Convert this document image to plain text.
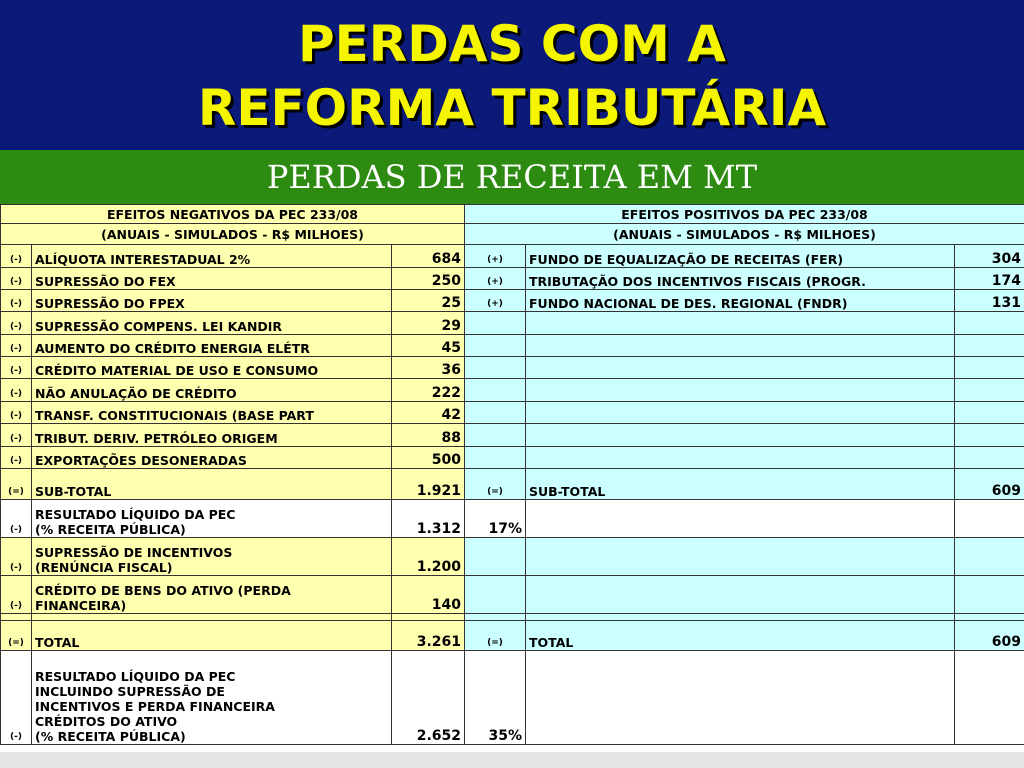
PERDAS COM A
REFORMA TRIBUTÁRIA
PERDAS DE RECEITA EM MT
EFEITOS NEGATIVOS DA PEC 233/08			EFEITOS POSITIVOS DA PEC 233/08		
(ANUAIS - SIMULADOS - R$ MILHOES)			(ANUAIS - SIMULADOS - R$ MILHOES)		
(-)	ALÍQUOTA INTERESTADUAL 2%	684	(+)	FUNDO DE EQUALIZAÇÃO DE RECEITAS (FER)	304
(-)	SUPRESSÃO DO FEX	250	(+)	TRIBUTAÇÃO DOS INCENTIVOS FISCAIS (PROGR.	174
(-)	SUPRESSÃO DO FPEX	25	(+)	FUNDO NACIONAL DE DES. REGIONAL (FNDR)	131
(-)	SUPRESSÃO COMPENS. LEI KANDIR	29			
(-)	AUMENTO DO CRÉDITO ENERGIA ELÉTR	45			
(-)	CRÉDITO MATERIAL DE USO E CONSUMO	36			
(-)	NÃO ANULAÇÃO DE CRÉDITO	222			
(-)	TRANSF. CONSTITUCIONAIS (BASE PART	42			
(-)	TRIBUT. DERIV. PETRÓLEO ORIGEM	88			
(-)	EXPORTAÇÕES DESONERADAS	500			
(=)	SUB-TOTAL	1.921	(=)	SUB-TOTAL	609
(-)	RESULTADO LÍQUIDO DA PEC
(% RECEITA PÚBLICA)	1.312	17%		
(-)	SUPRESSÃO DE INCENTIVOS
(RENÚNCIA FISCAL)	1.200			
(-)	CRÉDITO DE BENS DO ATIVO (PERDA
FINANCEIRA)	140			

(=)	TOTAL	3.261	(=)	TOTAL	609
(-)	RESULTADO LÍQUIDO DA PEC
INCLUINDO SUPRESSÃO DE
INCENTIVOS E PERDA FINANCEIRA
CRÉDITOS DO ATIVO
(% RECEITA PÚBLICA)	2.652	35%		
